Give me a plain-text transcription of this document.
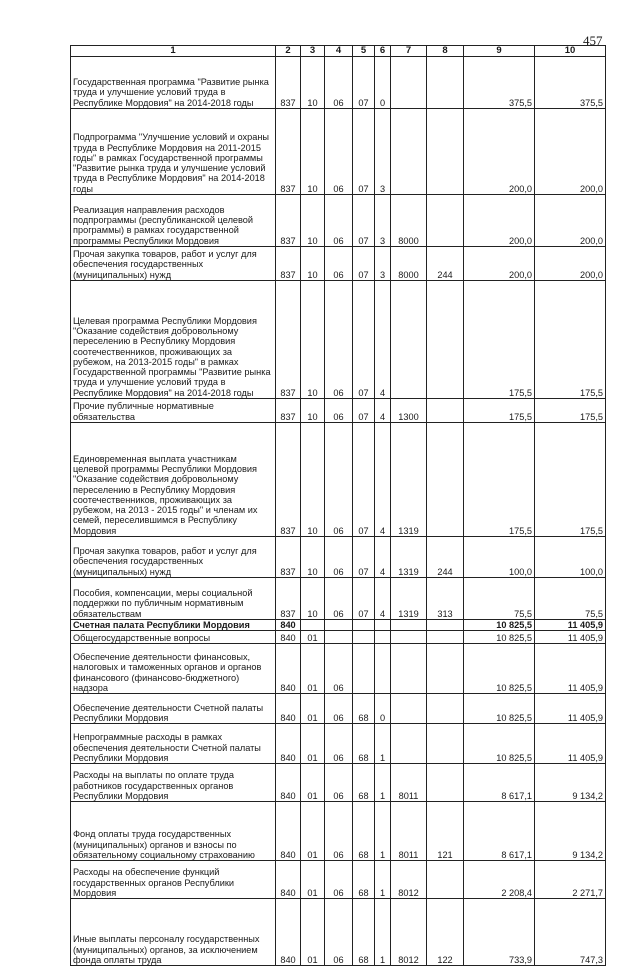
457
1	2	3	4	5	6	7	8	9	10
Государственная программа "Развитие рынка труда и улучшение условий труда в Республике Мордовия" на 2014-2018 годы	837	10	06	07	0			375,5	375,5
Подпрограмма "Улучшение условий и охраны труда в Республике Мордовия на 2011-2015 годы" в рамках Государственной программы "Развитие рынка труда и улучшение условий труда в Республике Мордовия" на 2014-2018 годы	837	10	06	07	3			200,0	200,0
Реализация направления расходов подпрограммы (республиканской целевой программы) в рамках государственной программы Республики Мордовия	837	10	06	07	3	8000		200,0	200,0
Прочая закупка товаров, работ и услуг для обеспечения государственных (муниципальных) нужд	837	10	06	07	3	8000	244	200,0	200,0
Целевая программа Республики Мордовия "Оказание содействия добровольному переселению в Республику Мордовия соотечественников, проживающих за рубежом, на 2013-2015 годы" в рамках Государственной программы "Развитие рынка труда и улучшение условий труда в Республике Мордовия" на 2014-2018 годы	837	10	06	07	4			175,5	175,5
Прочие публичные нормативные обязательства	837	10	06	07	4	1300		175,5	175,5
Единовременная выплата участникам целевой программы Республики Мордовия "Оказание содействия добровольному переселению в Республику Мордовия соотечественников, проживающих за рубежом, на 2013 - 2015 годы" и членам их семей, переселившимся в Республику Мордовия	837	10	06	07	4	1319		175,5	175,5
Прочая закупка товаров, работ и услуг для обеспечения государственных (муниципальных) нужд	837	10	06	07	4	1319	244	100,0	100,0
Пособия, компенсации, меры социальной поддержки по публичным нормативным обязательствам	837	10	06	07	4	1319	313	75,5	75,5
Счетная палата Республики Мордовия	840							10 825,5	11 405,9
Общегосударственные вопросы	840	01						10 825,5	11 405,9
Обеспечение деятельности финансовых, налоговых и таможенных органов и органов финансового (финансово-бюджетного) надзора	840	01	06					10 825,5	11 405,9
Обеспечение деятельности Счетной палаты Республики Мордовия	840	01	06	68	0			10 825,5	11 405,9
Непрограммные расходы в рамках обеспечения деятельности Счетной палаты Республики Мордовия	840	01	06	68	1			10 825,5	11 405,9
Расходы на выплаты по оплате труда работников государственных органов Республики Мордовия	840	01	06	68	1	8011		8 617,1	9 134,2
Фонд оплаты труда государственных (муниципальных) органов и взносы по обязательному социальному страхованию	840	01	06	68	1	8011	121	8 617,1	9 134,2
Расходы на обеспечение функций государственных органов Республики Мордовия	840	01	06	68	1	8012		2 208,4	2 271,7
Иные выплаты персоналу государственных (муниципальных) органов, за исключением фонда оплаты труда	840	01	06	68	1	8012	122	733,9	747,3
